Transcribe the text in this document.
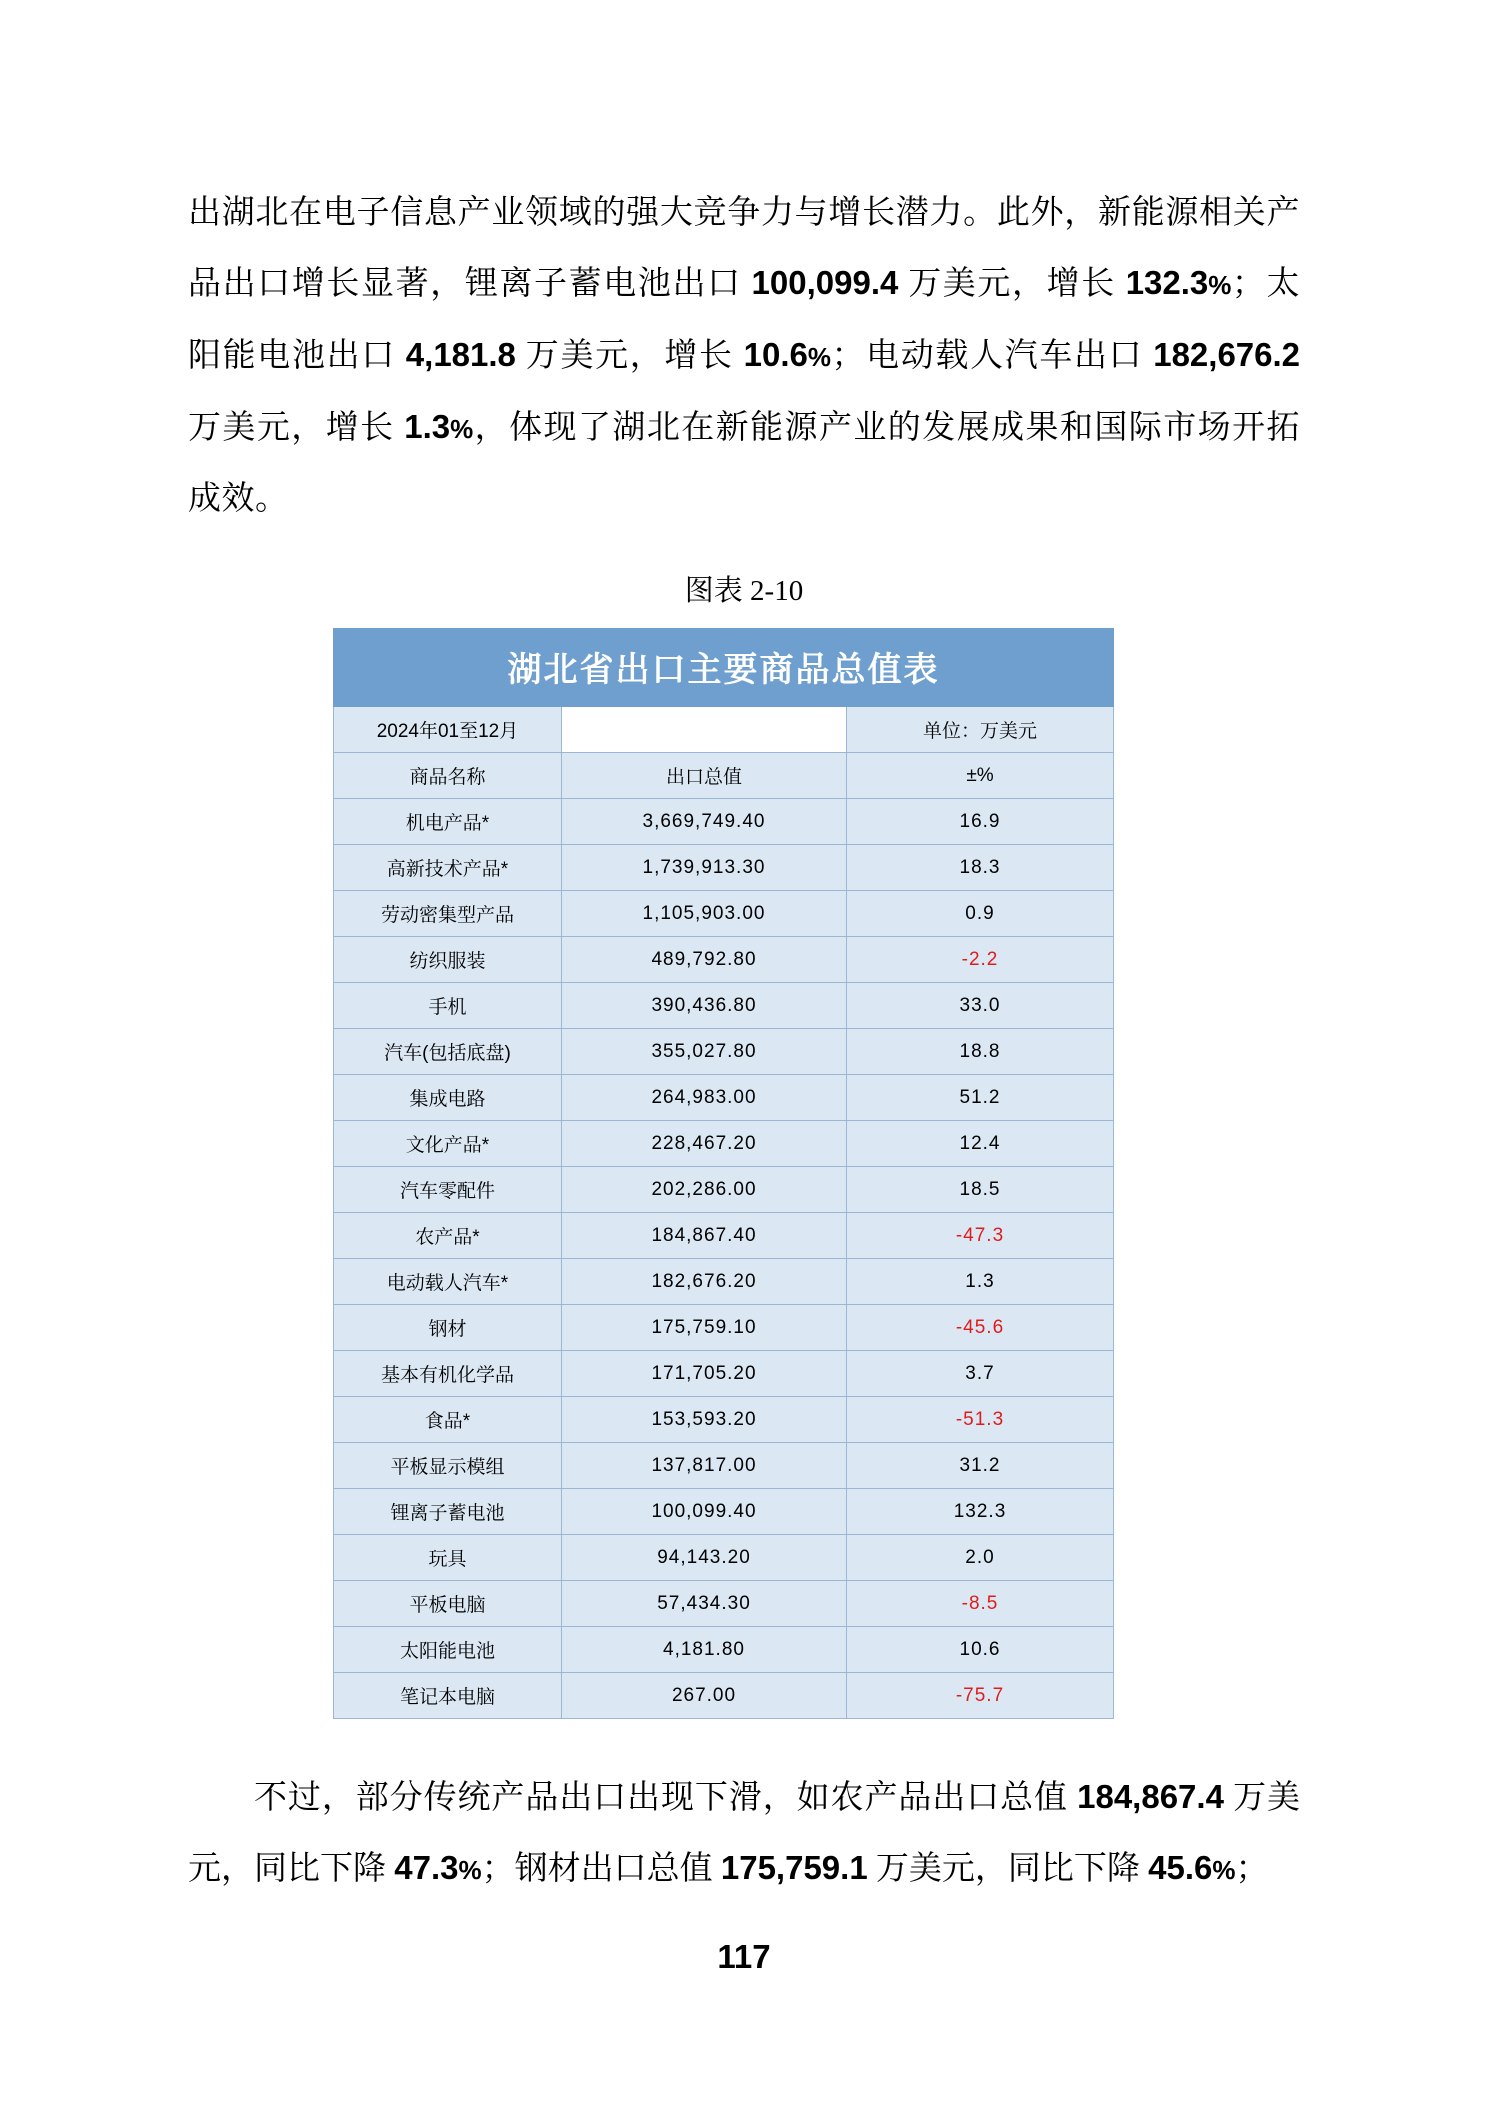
出湖北在电子信息产业领域的强大竞争力与增长潜力。此外，新能源相关产品出口增长显著，锂离子蓄电池出口 100,099.4 万美元，增长 132.3%；太阳能电池出口 4,181.8 万美元，增长 10.6%；电动载人汽车出口 182,676.2 万美元，增长 1.3%，体现了湖北在新能源产业的发展成果和国际市场开拓成效。

图表 2-10
湖北省出口主要商品总值表		
2024年01至12月		单位：万美元
商品名称	出口总值	±%
机电产品*	3,669,749.40	16.9
高新技术产品*	1,739,913.30	18.3
劳动密集型产品	1,105,903.00	0.9
纺织服装	489,792.80	-2.2
手机	390,436.80	33.0
汽车(包括底盘)	355,027.80	18.8
集成电路	264,983.00	51.2
文化产品*	228,467.20	12.4
汽车零配件	202,286.00	18.5
农产品*	184,867.40	-47.3
电动载人汽车*	182,676.20	1.3
钢材	175,759.10	-45.6
基本有机化学品	171,705.20	3.7
食品*	153,593.20	-51.3
平板显示模组	137,817.00	31.2
锂离子蓄电池	100,099.40	132.3
玩具	94,143.20	2.0
平板电脑	57,434.30	-8.5
太阳能电池	4,181.80	10.6
笔记本电脑	267.00	-75.7

不过，部分传统产品出口出现下滑，如农产品出口总值 184,867.4 万美元，同比下降 47.3%；钢材出口总值 175,759.1 万美元，同比下降 45.6%；

117
